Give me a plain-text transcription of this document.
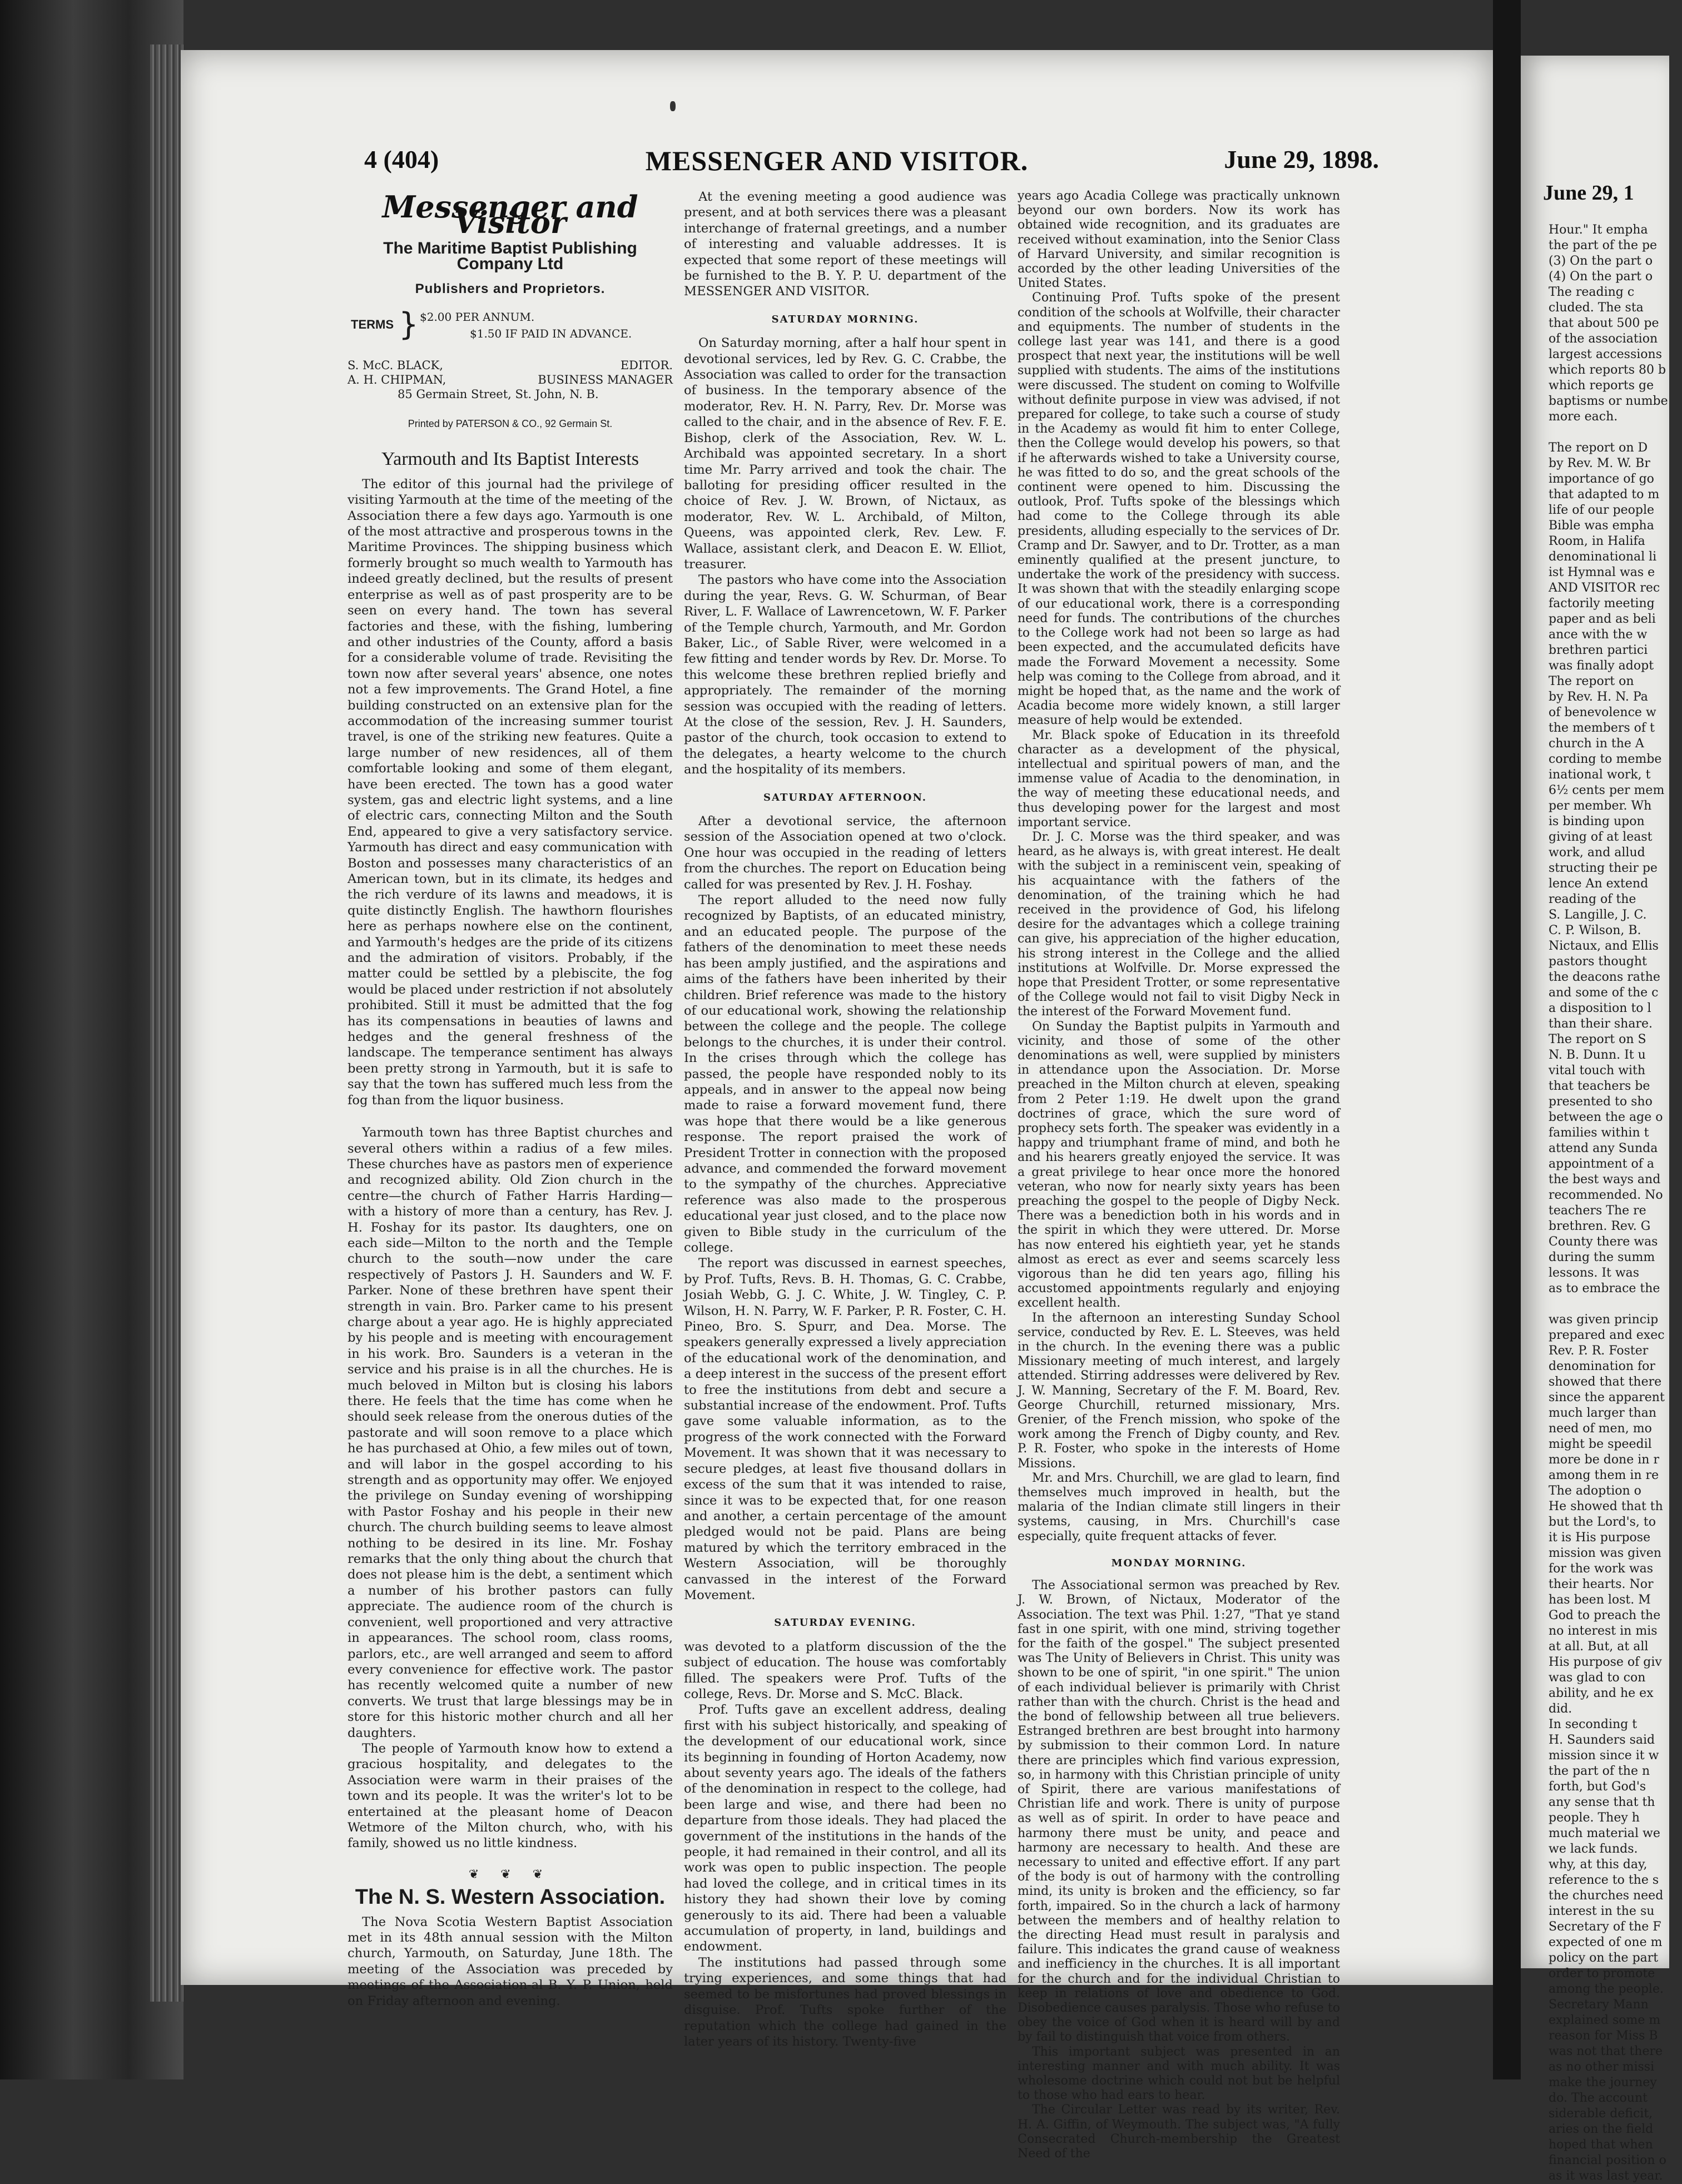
4 (404)	MESSENGER AND VISITOR.	June 29, 1898.
Messenger and Visitor
The Maritime Baptist Publishing Company Ltd
Publishers and Proprietors.
TERMS } $2.00 PER ANNUM.
$1.50 IF PAID IN ADVANCE.
S. McC. BLACK,	EDITOR.
A. H. CHIPMAN,	BUSINESS MANAGER
85 Germain Street, St. John, N. B.
Printed by PATERSON & CO., 92 Germain St.
Yarmouth and Its Baptist Interests

The editor of this journal had the privilege of visiting Yarmouth at the time of the meeting of the Association there a few days ago. Yarmouth is one of the most attractive and prosperous towns in the Maritime Provinces. The shipping business which formerly brought so much wealth to Yarmouth has indeed greatly declined, but the results of present enterprise as well as of past prosperity are to be seen on every hand. The town has several factories and these, with the fishing, lumbering and other industries of the County, afford a basis for a considerable volume of trade. Revisiting the town now after several years' absence, one notes not a few improvements. The Grand Hotel, a fine building constructed on an extensive plan for the accommodation of the increasing summer tourist travel, is one of the striking new features. Quite a large number of new residences, all of them comfortable looking and some of them elegant, have been erected. The town has a good water system, gas and electric light systems, and a line of electric cars, connecting Milton and the South End, appeared to give a very satisfactory service. Yarmouth has direct and easy communication with Boston and possesses many characteristics of an American town, but in its climate, its hedges and the rich verdure of its lawns and meadows, it is quite distinctly English. The hawthorn flourishes here as perhaps nowhere else on the continent, and Yarmouth's hedges are the pride of its citizens and the admiration of visitors. Probably, if the matter could be settled by a plebiscite, the fog would be placed under restriction if not absolutely prohibited. Still it must be admitted that the fog has its compensations in beauties of lawns and hedges and the general freshness of the landscape. The temperance sentiment has always been pretty strong in Yarmouth, but it is safe to say that the town has suffered much less from the fog than from the liquor business.

Yarmouth town has three Baptist churches and several others within a radius of a few miles. These churches have as pastors men of experience and recognized ability. Old Zion church in the centre—the church of Father Harris Harding—with a history of more than a century, has Rev. J. H. Foshay for its pastor. Its daughters, one on each side—Milton to the north and the Temple church to the south—now under the care respectively of Pastors J. H. Saunders and W. F. Parker. None of these brethren have spent their strength in vain. Bro. Parker came to his present charge about a year ago. He is highly appreciated by his people and is meeting with encouragement in his work. Bro. Saunders is a veteran in the service and his praise is in all the churches. He is much beloved in Milton but is closing his labors there. He feels that the time has come when he should seek release from the onerous duties of the pastorate and will soon remove to a place which he has purchased at Ohio, a few miles out of town, and will labor in the gospel according to his strength and as opportunity may offer. We enjoyed the privilege on Sunday evening of worshipping with Pastor Foshay and his people in their new church. The church building seems to leave almost nothing to be desired in its line. Mr. Foshay remarks that the only thing about the church that does not please him is the debt, a sentiment which a number of his brother pastors can fully appreciate. The audience room of the church is convenient, well proportioned and very attractive in appearances. The school room, class rooms, parlors, etc., are well arranged and seem to afford every convenience for effective work. The pastor has recently welcomed quite a number of new converts. We trust that large blessings may be in store for this historic mother church and all her daughters.

The people of Yarmouth know how to extend a gracious hospitality, and delegates to the Association were warm in their praises of the town and its people. It was the writer's lot to be entertained at the pleasant home of Deacon Wetmore of the Milton church, who, with his family, showed us no little kindness.

❦ ❦ ❦
The N. S. Western Association.

The Nova Scotia Western Baptist Association met in its 48th annual session with the Milton church, Yarmouth, on Saturday, June 18th. The meeting of the Association was preceded by meetings of the Association-al B. Y. P. Union, held on Friday afternoon and evening.

At the evening meeting a good audience was present, and at both services there was a pleasant interchange of fraternal greetings, and a number of interesting and valuable addresses. It is expected that some report of these meetings will be furnished to the B. Y. P. U. department of the MESSENGER AND VISITOR.

SATURDAY MORNING.

On Saturday morning, after a half hour spent in devotional services, led by Rev. G. C. Crabbe, the Association was called to order for the transaction of business. In the temporary absence of the moderator, Rev. H. N. Parry, Rev. Dr. Morse was called to the chair, and in the absence of Rev. F. E. Bishop, clerk of the Association, Rev. W. L. Archibald was appointed secretary. In a short time Mr. Parry arrived and took the chair. The balloting for presiding officer resulted in the choice of Rev. J. W. Brown, of Nictaux, as moderator, Rev. W. L. Archibald, of Milton, Queens, was appointed clerk, Rev. Lew. F. Wallace, assistant clerk, and Deacon E. W. Elliot, treasurer.

The pastors who have come into the Association during the year, Revs. G. W. Schurman, of Bear River, L. F. Wallace of Lawrencetown, W. F. Parker of the Temple church, Yarmouth, and Mr. Gordon Baker, Lic., of Sable River, were welcomed in a few fitting and tender words by Rev. Dr. Morse. To this welcome these brethren replied briefly and appropriately. The remainder of the morning session was occupied with the reading of letters. At the close of the session, Rev. J. H. Saunders, pastor of the church, took occasion to extend to the delegates, a hearty welcome to the church and the hospitality of its members.

SATURDAY AFTERNOON.

After a devotional service, the afternoon session of the Association opened at two o'clock. One hour was occupied in the reading of letters from the churches. The report on Education being called for was presented by Rev. J. H. Foshay.

The report alluded to the need now fully recognized by Baptists, of an educated ministry, and an educated people. The purpose of the fathers of the denomination to meet these needs has been amply justified, and the aspirations and aims of the fathers have been inherited by their children. Brief reference was made to the history of our educational work, showing the relationship between the college and the people. The college belongs to the churches, it is under their control. In the crises through which the college has passed, the people have responded nobly to its appeals, and in answer to the appeal now being made to raise a forward movement fund, there was hope that there would be a like generous response. The report praised the work of President Trotter in connection with the proposed advance, and commended the forward movement to the sympathy of the churches. Appreciative reference was also made to the prosperous educational year just closed, and to the place now given to Bible study in the curriculum of the college.

The report was discussed in earnest speeches, by Prof. Tufts, Revs. B. H. Thomas, G. C. Crabbe, Josiah Webb, G. J. C. White, J. W. Tingley, C. P. Wilson, H. N. Parry, W. F. Parker, P. R. Foster, C. H. Pineo, Bro. S. Spurr, and Dea. Morse. The speakers generally expressed a lively appreciation of the educational work of the denomination, and a deep interest in the success of the present effort to free the institutions from debt and secure a substantial increase of the endowment. Prof. Tufts gave some valuable information, as to the progress of the work connected with the Forward Movement. It was shown that it was necessary to secure pledges, at least five thousand dollars in excess of the sum that it was intended to raise, since it was to be expected that, for one reason and another, a certain percentage of the amount pledged would not be paid. Plans are being matured by which the territory embraced in the Western Association, will be thoroughly canvassed in the interest of the Forward Movement.

SATURDAY EVENING.

was devoted to a platform discussion of the the subject of education. The house was comfortably filled. The speakers were Prof. Tufts of the college, Revs. Dr. Morse and S. McC. Black.

Prof. Tufts gave an excellent address, dealing first with his subject historically, and speaking of the development of our educational work, since its beginning in founding of Horton Academy, now about seventy years ago. The ideals of the fathers of the denomination in respect to the college, had been large and wise, and there had been no departure from those ideals. They had placed the government of the institutions in the hands of the people, it had remained in their control, and all its work was open to public inspection. The people had loved the college, and in critical times in its history they had shown their love by coming generously to its aid. There had been a valuable accumulation of property, in land, buildings and endowment.

The institutions had passed through some trying experiences, and some things that had seemed to be misfortunes had proved blessings in disguise. Prof. Tufts spoke further of the reputation which the college had gained in the later years of its history. Twenty-five

years ago Acadia College was practically unknown beyond our own borders. Now its work has obtained wide recognition, and its graduates are received without examination, into the Senior Class of Harvard University, and similar recognition is accorded by the other leading Universities of the United States.

Continuing Prof. Tufts spoke of the present condition of the schools at Wolfville, their character and equipments. The number of students in the college last year was 141, and there is a good prospect that next year, the institutions will be well supplied with students. The aims of the institutions were discussed. The student on coming to Wolfville without definite purpose in view was advised, if not prepared for college, to take such a course of study in the Academy as would fit him to enter College, then the College would develop his powers, so that if he afterwards wished to take a University course, he was fitted to do so, and the great schools of the continent were opened to him. Discussing the outlook, Prof. Tufts spoke of the blessings which had come to the College through its able presidents, alluding especially to the services of Dr. Cramp and Dr. Sawyer, and to Dr. Trotter, as a man eminently qualified at the present juncture, to undertake the work of the presidency with success. It was shown that with the steadily enlarging scope of our educational work, there is a corresponding need for funds. The contributions of the churches to the College work had not been so large as had been expected, and the accumulated deficits have made the Forward Movement a necessity. Some help was coming to the College from abroad, and it might be hoped that, as the name and the work of Acadia become more widely known, a still larger measure of help would be extended.

Mr. Black spoke of Education in its threefold character as a development of the physical, intellectual and spiritual powers of man, and the immense value of Acadia to the denomination, in the way of meeting these educational needs, and thus developing power for the largest and most important service.

Dr. J. C. Morse was the third speaker, and was heard, as he always is, with great interest. He dealt with the subject in a reminiscent vein, speaking of his acquaintance with the fathers of the denomination, of the training which he had received in the providence of God, his lifelong desire for the advantages which a college training can give, his appreciation of the higher education, his strong interest in the College and the allied institutions at Wolfville. Dr. Morse expressed the hope that President Trotter, or some representative of the College would not fail to visit Digby Neck in the interest of the Forward Movement fund.

On Sunday the Baptist pulpits in Yarmouth and vicinity, and those of some of the other denominations as well, were supplied by ministers in attendance upon the Association. Dr. Morse preached in the Milton church at eleven, speaking from 2 Peter 1:19. He dwelt upon the grand doctrines of grace, which the sure word of prophecy sets forth. The speaker was evidently in a happy and triumphant frame of mind, and both he and his hearers greatly enjoyed the service. It was a great privilege to hear once more the honored veteran, who now for nearly sixty years has been preaching the gospel to the people of Digby Neck. There was a benediction both in his words and in the spirit in which they were uttered. Dr. Morse has now entered his eightieth year, yet he stands almost as erect as ever and seems scarcely less vigorous than he did ten years ago, filling his accustomed appointments regularly and enjoying excellent health.

In the afternoon an interesting Sunday School service, conducted by Rev. E. L. Steeves, was held in the church. In the evening there was a public Missionary meeting of much interest, and largely attended. Stirring addresses were delivered by Rev. J. W. Manning, Secretary of the F. M. Board, Rev. George Churchill, returned missionary, Mrs. Grenier, of the French mission, who spoke of the work among the French of Digby county, and Rev. P. R. Foster, who spoke in the interests of Home Missions.

Mr. and Mrs. Churchill, we are glad to learn, find themselves much improved in health, but the malaria of the Indian climate still lingers in their systems, causing, in Mrs. Churchill's case especially, quite frequent attacks of fever.

MONDAY MORNING.

The Associational sermon was preached by Rev. J. W. Brown, of Nictaux, Moderator of the Association. The text was Phil. 1:27, "That ye stand fast in one spirit, with one mind, striving together for the faith of the gospel." The subject presented was The Unity of Believers in Christ. This unity was shown to be one of spirit, "in one spirit." The union of each individual believer is primarily with Christ rather than with the church. Christ is the head and the bond of fellowship between all true believers. Estranged brethren are best brought into harmony by submission to their common Lord. In nature there are principles which find various expression, so, in harmony with this Christian principle of unity of Spirit, there are various manifestations of Christian life and work. There is unity of purpose as well as of spirit. In order to have peace and harmony there must be unity, and peace and harmony are necessary to health. And these are necessary to united and effective effort. If any part of the body is out of harmony with the controlling mind, its unity is broken and the efficiency, so far forth, impaired. So in the church a lack of harmony between the members and of healthy relation to the directing Head must result in paralysis and failure. This indicates the grand cause of weakness and inefficiency in the churches. It is all important for the church and for the individual Christian to keep in relations of love and obedience to God. Disobedience causes paralysis. Those who refuse to obey the voice of God when it is heard will by and by fail to distinguish that voice from others.

This important subject was presented in an interesting manner and with much ability. It was wholesome doctrine which could not but be helpful to those who had ears to hear.

The Circular Letter was read by its writer, Rev. H. A. Giffin, of Weymouth. The subject was, "A fully Consecrated Church-membership the Greatest Need of the

June 29, 1

Hour." It empha

the part of the pe

(3) On the part o

(4) On the part o

The reading c

cluded. The sta

that about 500 pe

of the association

largest accessions

which reports 80 b

which reports ge

baptisms or numbe

more each.

The report on D

by Rev. M. W. Br

importance of go

that adapted to m

life of our people

Bible was empha

Room, in Halifa

denominational li

ist Hymnal was e

AND VISITOR rec

factorily meeting

paper and as beli

ance with the w

brethren partici

was finally adopt

The report on

by Rev. H. N. Pa

of benevolence w

the members of t

church in the A

cording to membe

inational work, t

6½ cents per mem

per member. Wh

is binding upon

giving of at least

work, and allud

structing their pe

lence An extend

reading of the

S. Langille, J. C.

C. P. Wilson, B.

Nictaux, and Ellis

pastors thought

the deacons rathe

and some of the c

a disposition to l

than their share.

The report on S

N. B. Dunn. It u

vital touch with

that teachers be

presented to sho

between the age o

families within t

attend any Sunda

appointment of a

the best ways and

recommended. No

teachers The re

brethren. Rev. G

County there was

during the summ

lessons. It was

as to embrace the

was given princip

prepared and exec

Rev. P. R. Foster

denomination for

showed that there

since the apparent

much larger than

need of men, mo

might be speedil

more be done in r

among them in re

The adoption o

He showed that th

but the Lord's, to

it is His purpose

mission was given

for the work was

their hearts. Nor

has been lost. M

God to preach the

no interest in mis

at all. But, at all

His purpose of giv

was glad to con

ability, and he ex

did.

In seconding t

H. Saunders said

mission since it w

the part of the n

forth, but God's

any sense that th

people. They h

much material we

we lack funds.

why, at this day,

reference to the s

the churches need

interest in the su

Secretary of the F

expected of one m

policy on the part

order to promote

among the people.

Secretary Mann

explained some m

reason for Miss B

was not that there

as no other missi

make the journey

do. The account

siderable deficit,

aries on the field

hoped that when

financial position o

as it was last year.
